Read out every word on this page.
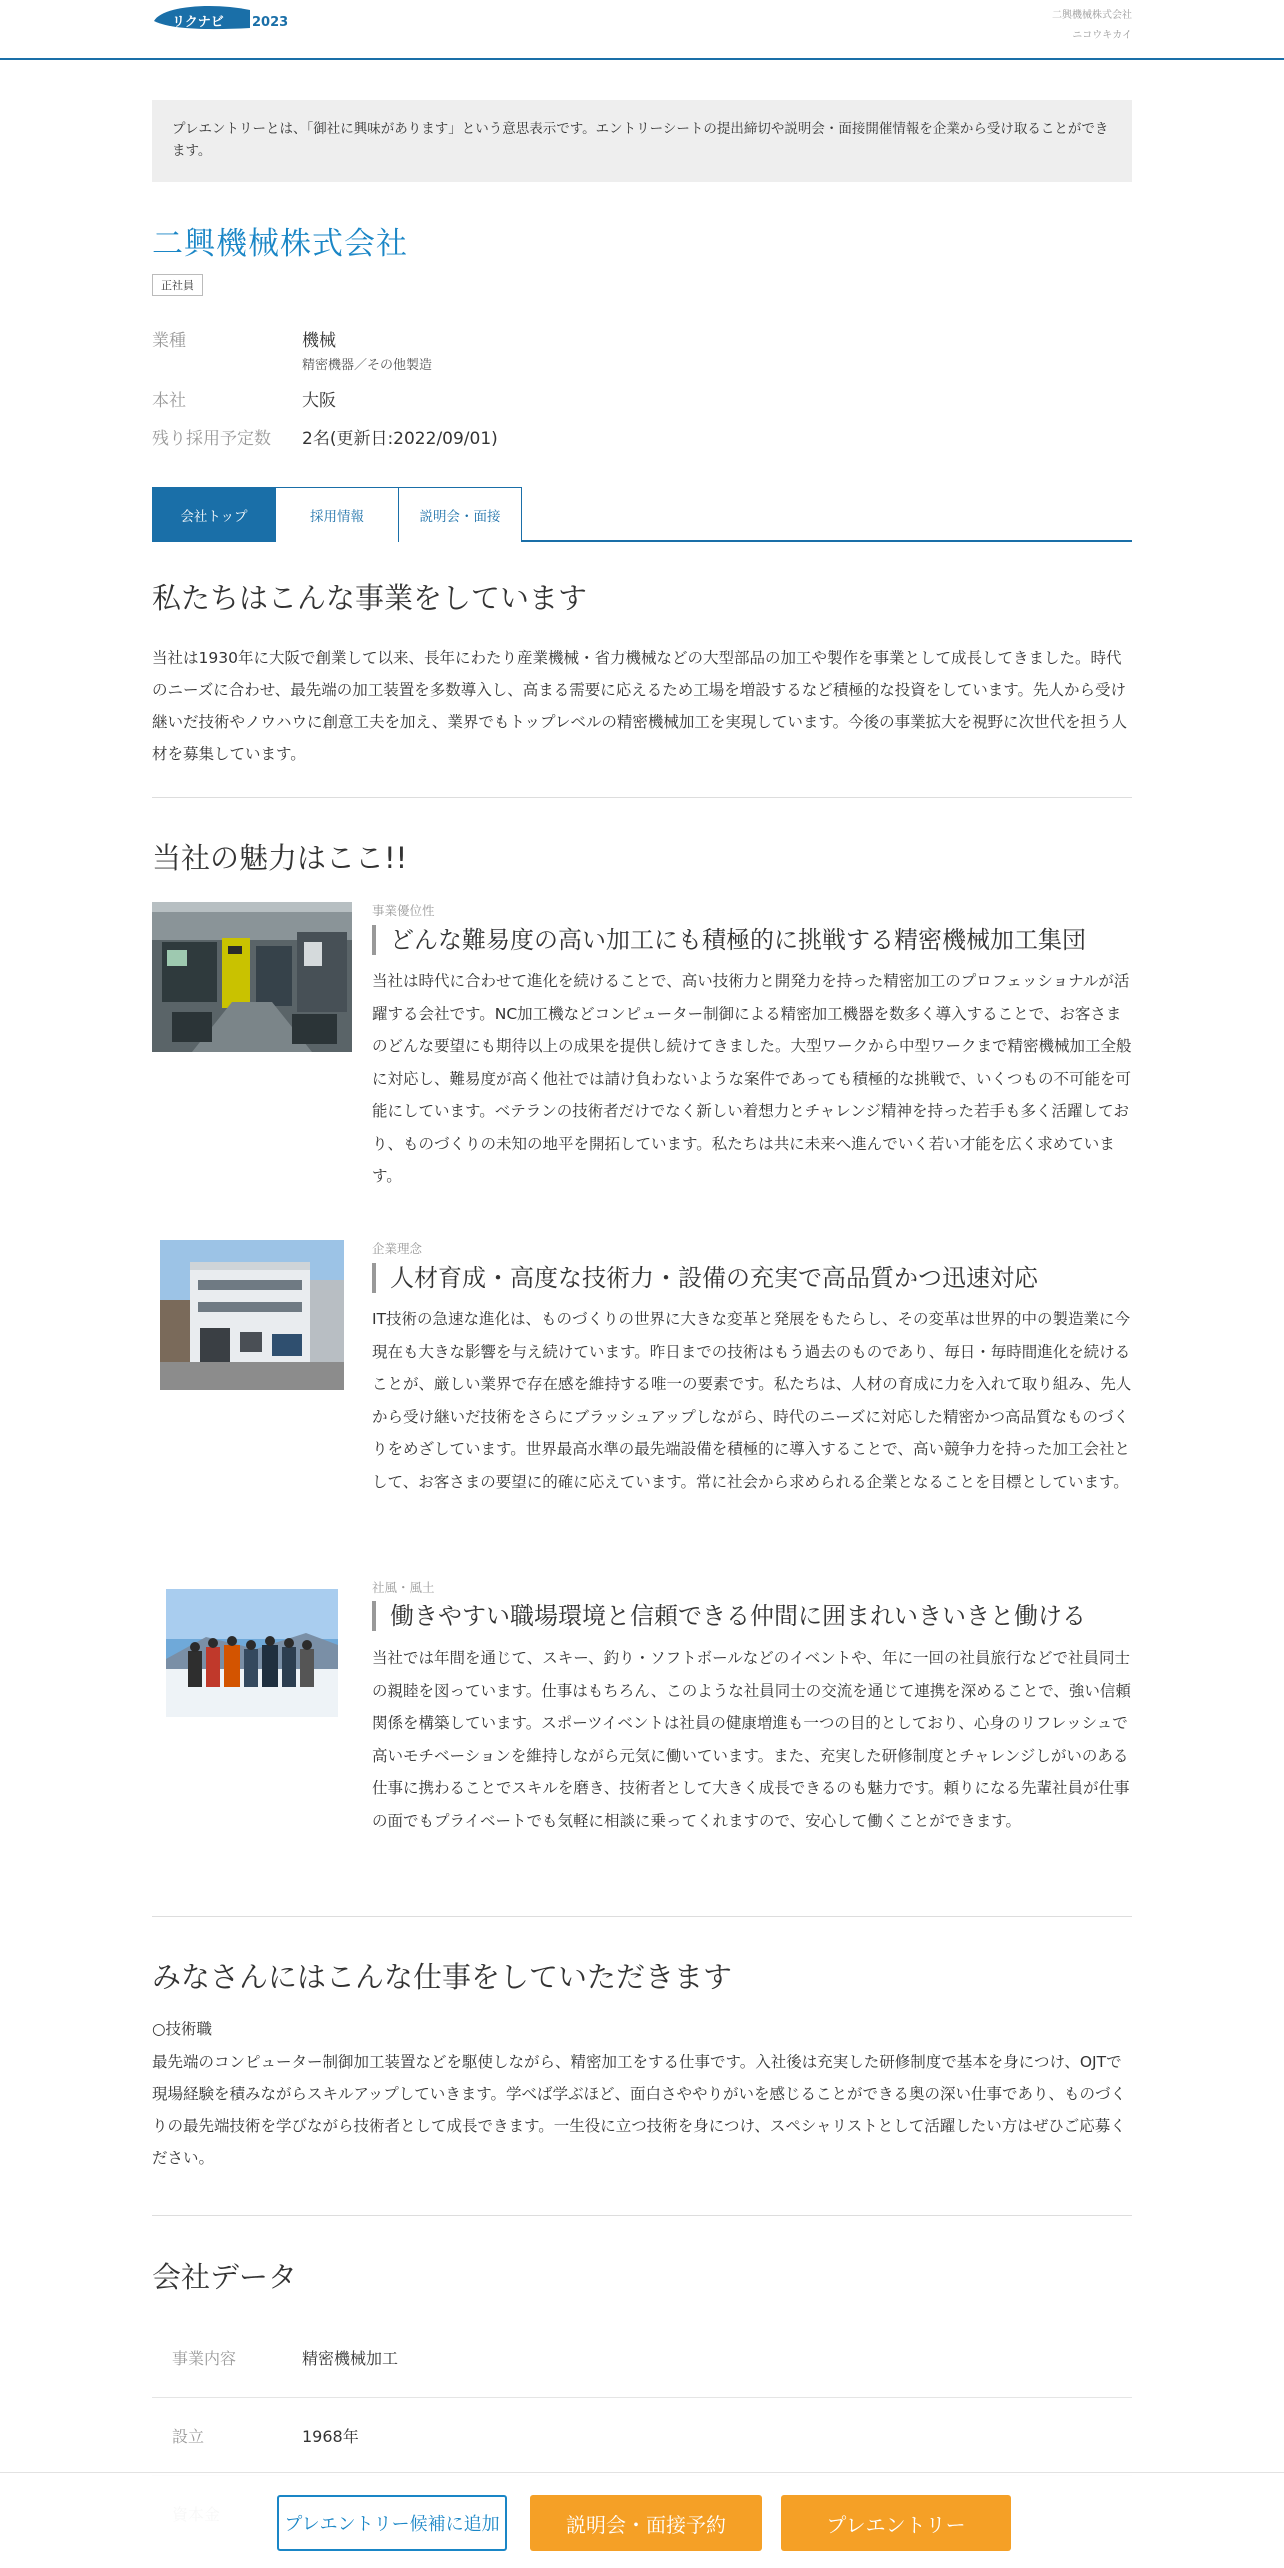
リクナビ 2023	二興機械株式会社
ニコウキカイ
プレエントリーとは、「御社に興味があります」という意思表示です。エントリーシートの提出締切や説明会・面接開催情報を企業から受け取ることができます。
二興機械株式会社
正社員
業種	機械
精密機器／その他製造
本社	大阪
残り採用予定数 2名(更新日:2022/09/01)
会社トップ	採用情報	説明会・面接
私たちはこんな事業をしています

当社は1930年に大阪で創業して以来、長年にわたり産業機械・省力機械などの大型部品の加工や製作を事業として成長してきました。時代のニーズに合わせ、最先端の加工装置を多数導入し、高まる需要に応えるため工場を増設するなど積極的な投資をしています。先人から受け継いだ技術やノウハウに創意工夫を加え、業界でもトップレベルの精密機械加工を実現しています。今後の事業拡大を視野に次世代を担う人材を募集しています。

当社の魅力はここ!!
事業優位性
どんな難易度の高い加工にも積極的に挑戦する精密機械加工集団

当社は時代に合わせて進化を続けることで、高い技術力と開発力を持った精密加工のプロフェッショナルが活躍する会社です。NC加工機などコンピューター制御による精密加工機器を数多く導入することで、お客さまのどんな要望にも期待以上の成果を提供し続けてきました。大型ワークから中型ワークまで精密機械加工全般に対応し、難易度が高く他社では請け負わないような案件であっても積極的な挑戦で、いくつもの不可能を可能にしています。ベテランの技術者だけでなく新しい着想力とチャレンジ精神を持った若手も多く活躍しており、ものづくりの未知の地平を開拓しています。私たちは共に未来へ進んでいく若い才能を広く求めています。

企業理念
人材育成・高度な技術力・設備の充実で高品質かつ迅速対応

IT技術の急速な進化は、ものづくりの世界に大きな変革と発展をもたらし、その変革は世界的中の製造業に今現在も大きな影響を与え続けています。昨日までの技術はもう過去のものであり、毎日・毎時間進化を続けることが、厳しい業界で存在感を維持する唯一の要素です。私たちは、人材の育成に力を入れて取り組み、先人から受け継いだ技術をさらにブラッシュアップしながら、時代のニーズに対応した精密かつ高品質なものづくりをめざしています。世界最高水準の最先端設備を積極的に導入することで、高い競争力を持った加工会社として、お客さまの要望に的確に応えています。常に社会から求められる企業となることを目標としています。

社風・風土
働きやすい職場環境と信頼できる仲間に囲まれいきいきと働ける

当社では年間を通じて、スキー、釣り・ソフトボールなどのイベントや、年に一回の社員旅行などで社員同士の親睦を図っています。仕事はもちろん、このような社員同士の交流を通じて連携を深めることで、強い信頼関係を構築しています。スポーツイベントは社員の健康増進も一つの目的としており、心身のリフレッシュで高いモチベーションを維持しながら元気に働いています。また、充実した研修制度とチャレンジしがいのある仕事に携わることでスキルを磨き、技術者として大きく成長できるのも魅力です。頼りになる先輩社員が仕事の面でもプライベートでも気軽に相談に乗ってくれますので、安心して働くことができます。

みなさんにはこんな仕事をしていただきます
○技術職

最先端のコンピューター制御加工装置などを駆使しながら、精密加工をする仕事です。入社後は充実した研修制度で基本を身につけ、OJTで現場経験を積みながらスキルアップしていきます。学べば学ぶほど、面白さややりがいを感じることができる奥の深い仕事であり、ものづくりの最先端技術を学びながら技術者として成長できます。一生役に立つ技術を身につけ、スペシャリストとして活躍したい方はぜひご応募ください。

会社データ
事業内容	精密機械加工
設立	1968年
プレエントリー候補に追加	説明会・面接予約	プレエントリー
